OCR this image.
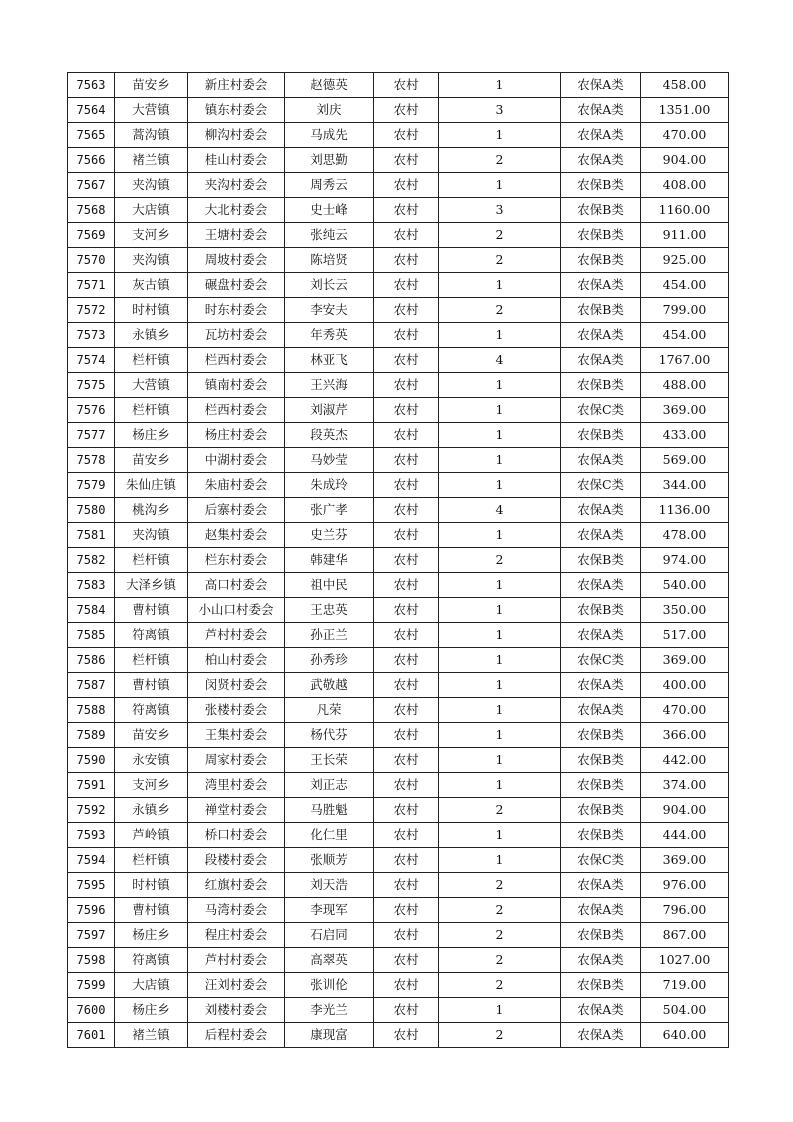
7563	苗安乡	新庄村委会	赵德英	农村	1	农保A类	458.00
7564	大营镇	镇东村委会	刘庆	农村	3	农保A类	1351.00
7565	蒿沟镇	柳沟村委会	马成先	农村	1	农保A类	470.00
7566	褚兰镇	桂山村委会	刘思勤	农村	2	农保A类	904.00
7567	夹沟镇	夹沟村委会	周秀云	农村	1	农保B类	408.00
7568	大店镇	大北村委会	史士峰	农村	3	农保B类	1160.00
7569	支河乡	王塘村委会	张纯云	农村	2	农保B类	911.00
7570	夹沟镇	周坡村委会	陈培贤	农村	2	农保B类	925.00
7571	灰古镇	碾盘村委会	刘长云	农村	1	农保A类	454.00
7572	时村镇	时东村委会	李安夫	农村	2	农保B类	799.00
7573	永镇乡	瓦坊村委会	年秀英	农村	1	农保A类	454.00
7574	栏杆镇	栏西村委会	林亚飞	农村	4	农保A类	1767.00
7575	大营镇	镇南村委会	王兴海	农村	1	农保B类	488.00
7576	栏杆镇	栏西村委会	刘淑芹	农村	1	农保C类	369.00
7577	杨庄乡	杨庄村委会	段英杰	农村	1	农保B类	433.00
7578	苗安乡	中湖村委会	马妙莹	农村	1	农保A类	569.00
7579	朱仙庄镇	朱庙村委会	朱成玲	农村	1	农保C类	344.00
7580	桃沟乡	后寨村委会	张广孝	农村	4	农保A类	1136.00
7581	夹沟镇	赵集村委会	史兰芬	农村	1	农保A类	478.00
7582	栏杆镇	栏东村委会	韩建华	农村	2	农保B类	974.00
7583	大泽乡镇	高口村委会	祖中民	农村	1	农保A类	540.00
7584	曹村镇	小山口村委会	王忠英	农村	1	农保B类	350.00
7585	符离镇	芦村村委会	孙正兰	农村	1	农保A类	517.00
7586	栏杆镇	柏山村委会	孙秀珍	农村	1	农保C类	369.00
7587	曹村镇	闵贤村委会	武敬越	农村	1	农保A类	400.00
7588	符离镇	张楼村委会	凡荣	农村	1	农保A类	470.00
7589	苗安乡	王集村委会	杨代芬	农村	1	农保B类	366.00
7590	永安镇	周家村委会	王长荣	农村	1	农保B类	442.00
7591	支河乡	湾里村委会	刘正志	农村	1	农保B类	374.00
7592	永镇乡	禅堂村委会	马胜魁	农村	2	农保B类	904.00
7593	芦岭镇	桥口村委会	化仁里	农村	1	农保B类	444.00
7594	栏杆镇	段楼村委会	张顺芳	农村	1	农保C类	369.00
7595	时村镇	红旗村委会	刘天浩	农村	2	农保A类	976.00
7596	曹村镇	马湾村委会	李现军	农村	2	农保A类	796.00
7597	杨庄乡	程庄村委会	石启同	农村	2	农保B类	867.00
7598	符离镇	芦村村委会	高翠英	农村	2	农保A类	1027.00
7599	大店镇	汪刘村委会	张训伦	农村	2	农保B类	719.00
7600	杨庄乡	刘楼村委会	李光兰	农村	1	农保A类	504.00
7601	褚兰镇	后程村委会	康现富	农村	2	农保A类	640.00
